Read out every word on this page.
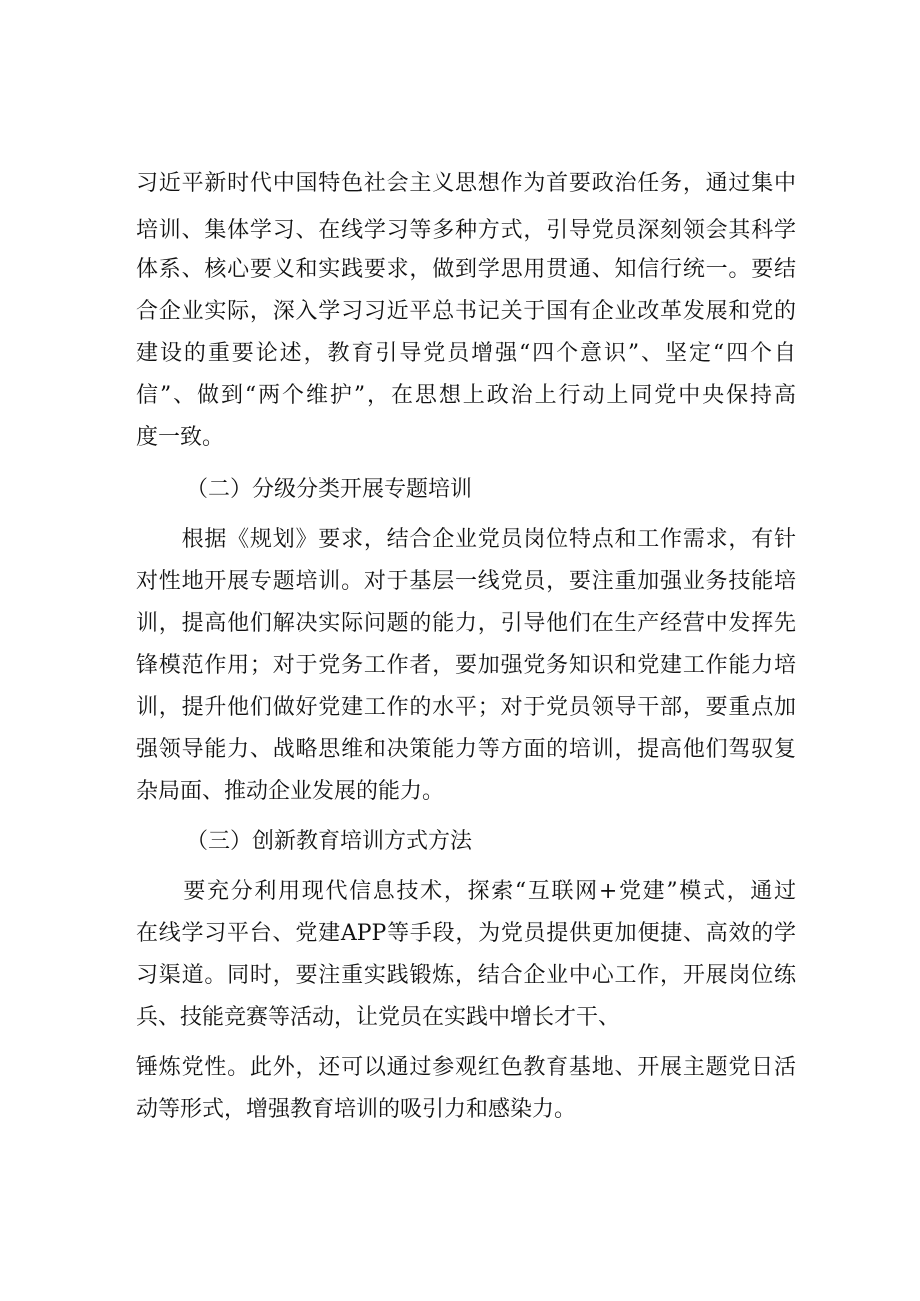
习近平新时代中国特色社会主义思想作为首要政治任务，通过集中
培训、集体学习、在线学习等多种方式，引导党员深刻领会其科学
体系、核心要义和实践要求，做到学思用贯通、知信行统一。要结
合企业实际，深入学习习近平总书记关于国有企业改革发展和党的
建设的重要论述，教育引导党员增强“四个意识”、坚定“四个自
信”、做到“两个维护”，在思想上政治上行动上同党中央保持高
度一致。
（二）分级分类开展专题培训
　　根据《规划》要求，结合企业党员岗位特点和工作需求，有针
对性地开展专题培训。对于基层一线党员，要注重加强业务技能培
训，提高他们解决实际问题的能力，引导他们在生产经营中发挥先
锋模范作用；对于党务工作者，要加强党务知识和党建工作能力培
训，提升他们做好党建工作的水平；对于党员领导干部，要重点加
强领导能力、战略思维和决策能力等方面的培训，提高他们驾驭复
杂局面、推动企业发展的能力。
（三）创新教育培训方式方法
　　要充分利用现代信息技术，探索“互联网+党建”模式，通过
在线学习平台、党建APP等手段，为党员提供更加便捷、高效的学
习渠道。同时，要注重实践锻炼，结合企业中心工作，开展岗位练
兵、技能竞赛等活动，让党员在实践中增长才干、
锤炼党性。此外，还可以通过参观红色教育基地、开展主题党日活
动等形式，增强教育培训的吸引力和感染力。
